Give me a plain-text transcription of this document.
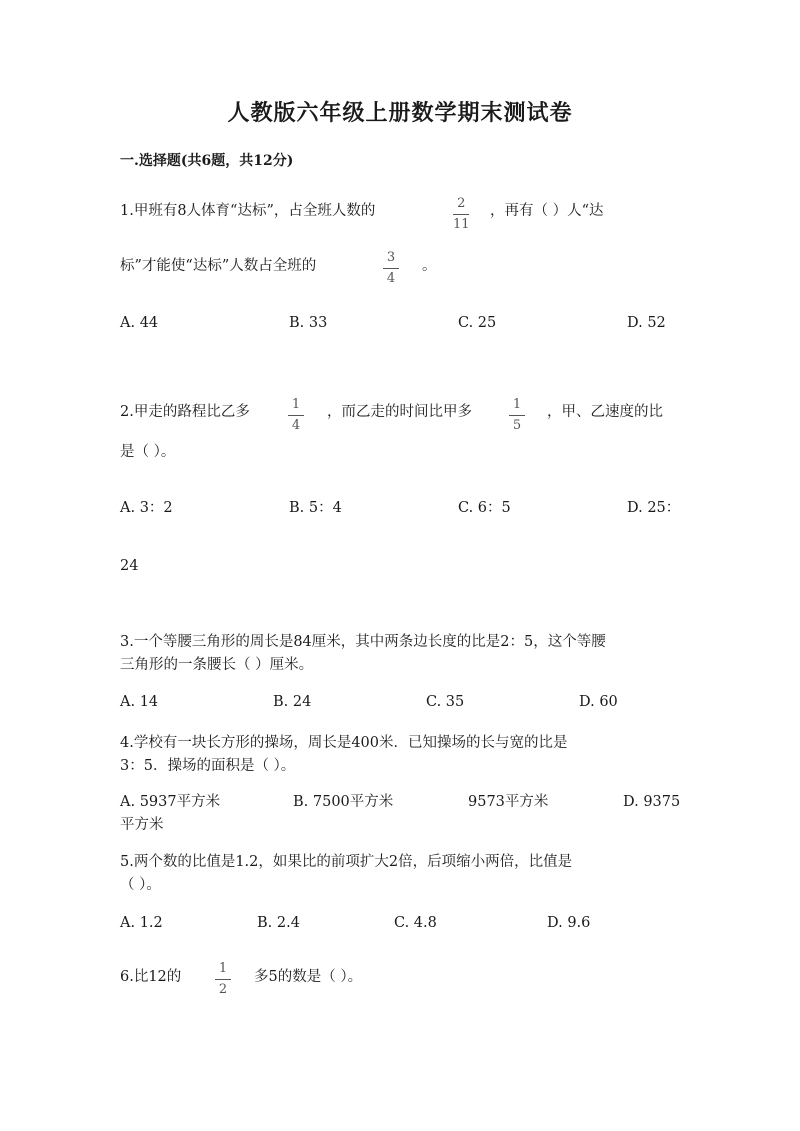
人教版六年级上册数学期末测试卷
一.选择题(共6题，共12分)
1.甲班有8人体育“达标”，占全班人数的	2
11
，再有（ ）人“达
标”才能使“达标”人数占全班的
3
4
。
A. 44	B. 33	C. 25	D. 52
2.甲走的路程比乙多	1
4
，而乙走的时间比甲多	1
5
，甲、乙速度的比
是（ ）。
A. 3：2	B. 5：4	C. 6：5	D. 25：
24
3.一个等腰三角形的周长是84厘米，其中两条边长度的比是2：5，这个等腰
三角形的一条腰长（ ）厘米。
A. 14	B. 24	C. 35	D. 60
4.学校有一块长方形的操场，周长是400米．已知操场的长与宽的比是
3：5．操场的面积是（ ）。
A. 5937平方米	B. 7500平方米	9573平方米	D. 9375
平方米
5.两个数的比值是1.2，如果比的前项扩大2倍，后项缩小两倍，比值是
（ ）。
A. 1.2	B. 2.4	C. 4.8	D. 9.6
6.比12的
1
2
多5的数是（ ）。
